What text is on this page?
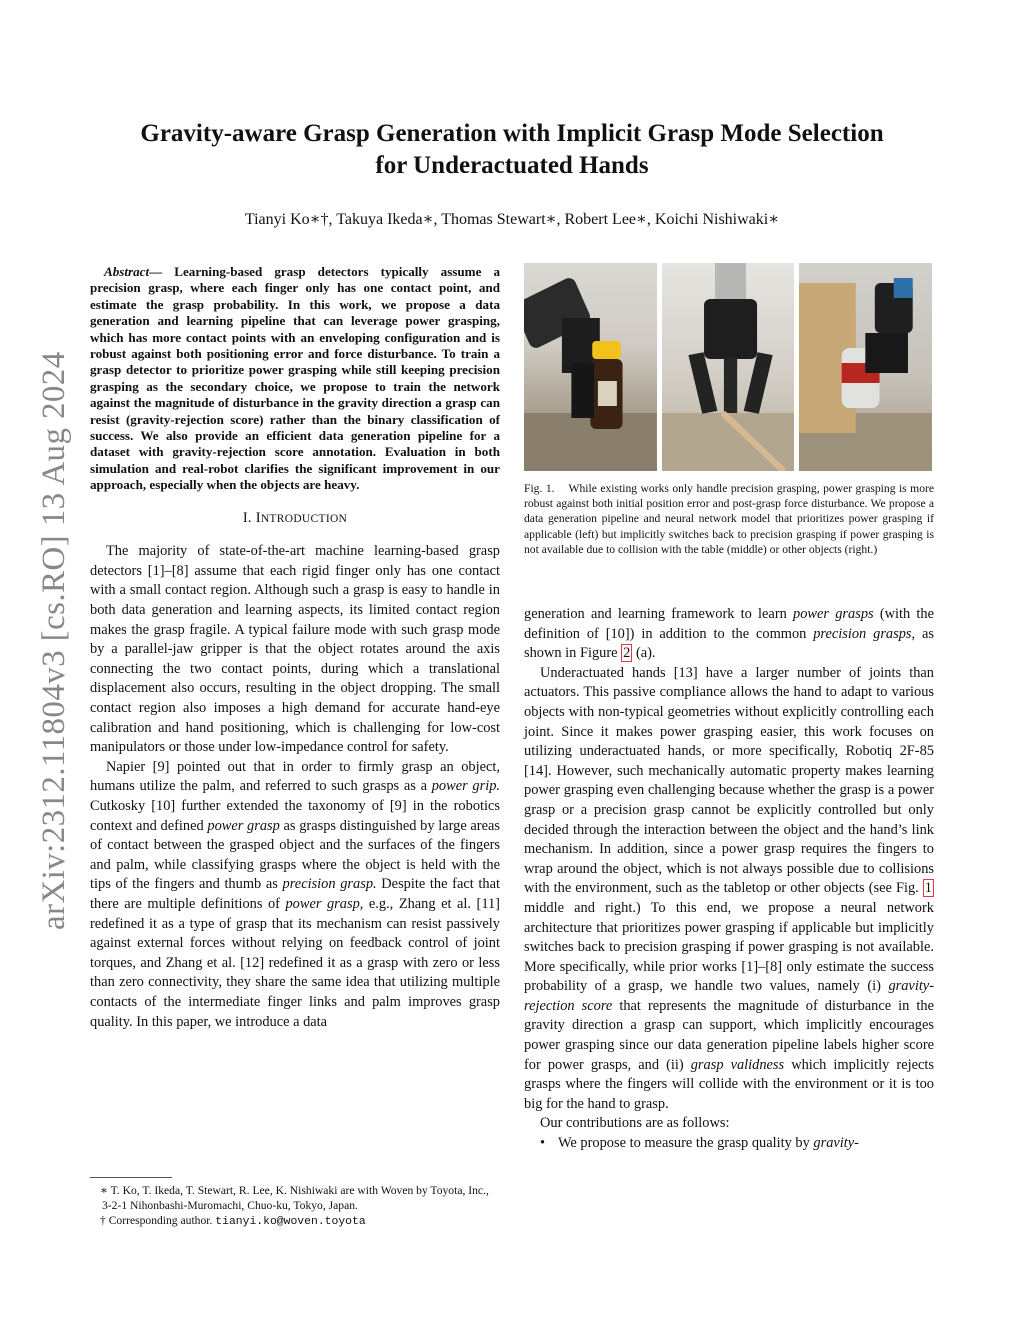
arXiv:2312.11804v3 [cs.RO] 13 Aug 2024
Gravity-aware Grasp Generation with Implicit Grasp Mode Selection
for Underactuated Hands
Tianyi Ko∗†, Takuya Ikeda∗, Thomas Stewart∗, Robert Lee∗, Koichi Nishiwaki∗
Abstract— Learning-based grasp detectors typically assume a precision grasp, where each finger only has one contact point, and estimate the grasp probability. In this work, we propose a data generation and learning pipeline that can leverage power grasping, which has more contact points with an enveloping configuration and is robust against both positioning error and force disturbance. To train a grasp detector to prioritize power grasping while still keeping precision grasping as the secondary choice, we propose to train the network against the magnitude of disturbance in the gravity direction a grasp can resist (gravity-rejection score) rather than the binary classification of success. We also provide an efficient data generation pipeline for a dataset with gravity-rejection score annotation. Evaluation in both simulation and real-robot clarifies the significant improvement in our approach, especially when the objects are heavy.
I. INTRODUCTION

The majority of state-of-the-art machine learning-based grasp detectors [1]–[8] assume that each rigid finger only has one contact with a small contact region. Although such a grasp is easy to handle in both data generation and learning aspects, its limited contact region makes the grasp fragile. A typical failure mode with such grasp mode by a parallel-jaw gripper is that the object rotates around the axis connecting the two contact points, during which a translational displacement also occurs, resulting in the object dropping. The small contact region also imposes a high demand for accurate hand-eye calibration and hand positioning, which is challenging for low-cost manipulators or those under low-impedance control for safety.

Napier [9] pointed out that in order to firmly grasp an object, humans utilize the palm, and referred to such grasps as a power grip. Cutkosky [10] further extended the taxonomy of [9] in the robotics context and defined power grasp as grasps distinguished by large areas of contact between the grasped object and the surfaces of the fingers and palm, while classifying grasps where the object is held with the tips of the fingers and thumb as precision grasp. Despite the fact that there are multiple definitions of power grasp, e.g., Zhang et al. [11] redefined it as a type of grasp that its mechanism can resist passively against external forces without relying on feedback control of joint torques, and Zhang et al. [12] redefined it as a grasp with zero or less than zero connectivity, they share the same idea that utilizing multiple contacts of the intermediate finger links and palm improves grasp quality. In this paper, we introduce a data

∗ T. Ko, T. Ikeda, T. Stewart, R. Lee, K. Nishiwaki are with Woven by Toyota, Inc., 3-2-1 Nihonbashi-Muromachi, Chuo-ku, Tokyo, Japan.
† Corresponding author. tianyi.ko@woven.toyota
Fig. 1. While existing works only handle precision grasping, power grasping is more robust against both initial position error and post-grasp force disturbance. We propose a data generation pipeline and neural network model that prioritizes power grasping if applicable (left) but implicitly switches back to precision grasping if power grasping is not available due to collision with the table (middle) or other objects (right.)

generation and learning framework to learn power grasps (with the definition of [10]) in addition to the common precision grasps, as shown in Figure 2 (a).

Underactuated hands [13] have a larger number of joints than actuators. This passive compliance allows the hand to adapt to various objects with non-typical geometries without explicitly controlling each joint. Since it makes power grasping easier, this work focuses on utilizing underactuated hands, or more specifically, Robotiq 2F-85 [14]. However, such mechanically automatic property makes learning power grasping even challenging because whether the grasp is a power grasp or a precision grasp cannot be explicitly controlled but only decided through the interaction between the object and the hand’s link mechanism. In addition, since a power grasp requires the fingers to wrap around the object, which is not always possible due to collisions with the environment, such as the tabletop or other objects (see Fig. 1 middle and right.) To this end, we propose a neural network architecture that prioritizes power grasping if applicable but implicitly switches back to precision grasping if power grasping is not available. More specifically, while prior works [1]–[8] only estimate the success probability of a grasp, we handle two values, namely (i) gravity-rejection score that represents the magnitude of disturbance in the gravity direction a grasp can support, which implicitly encourages power grasping since our data generation pipeline labels higher score for power grasps, and (ii) grasp validness which implicitly rejects grasps where the fingers will collide with the environment or it is too big for the hand to grasp.

Our contributions are as follows:

• We propose to measure the grasp quality by gravity-
